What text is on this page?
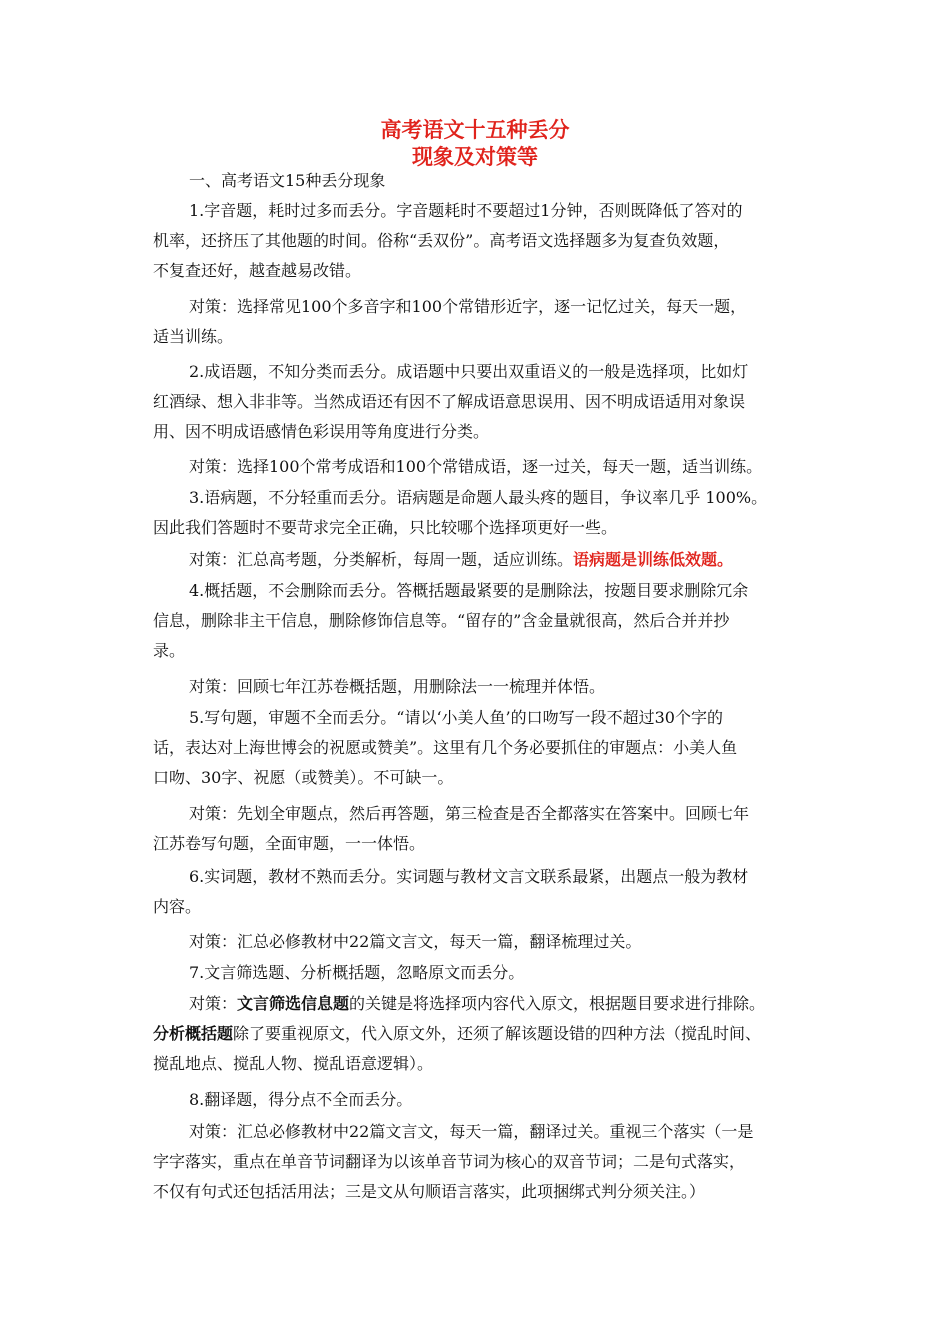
高考语文十五种丢分
现象及对策等
一、高考语文15种丢分现象
1.字音题，耗时过多而丢分。字音题耗时不要超过1分钟，否则既降低了答对的
机率，还挤压了其他题的时间。俗称“丢双份”。高考语文选择题多为复查负效题，
不复查还好，越查越易改错。
对策：选择常见100个多音字和100个常错形近字，逐一记忆过关，每天一题，
适当训练。
2.成语题，不知分类而丢分。成语题中只要出双重语义的一般是选择项，比如灯
红酒绿、想入非非等。当然成语还有因不了解成语意思误用、因不明成语适用对象误
用、因不明成语感情色彩误用等角度进行分类。
对策：选择100个常考成语和100个常错成语，逐一过关，每天一题，适当训练。
3.语病题，不分轻重而丢分。语病题是命题人最头疼的题目，争议率几乎 100%。
因此我们答题时不要苛求完全正确，只比较哪个选择项更好一些。
对策：汇总高考题，分类解析，每周一题，适应训练。语病题是训练低效题。
4.概括题，不会删除而丢分。答概括题最紧要的是删除法，按题目要求删除冗余
信息，删除非主干信息，删除修饰信息等。“留存的”含金量就很高，然后合并并抄
录。
对策：回顾七年江苏卷概括题，用删除法一一梳理并体悟。
5.写句题，审题不全而丢分。“请以‘小美人鱼’的口吻写一段不超过30个字的
话，表达对上海世博会的祝愿或赞美”。这里有几个务必要抓住的审题点：小美人鱼
口吻、30字、祝愿（或赞美）。不可缺一。
对策：先划全审题点，然后再答题，第三检查是否全都落实在答案中。回顾七年
江苏卷写句题，全面审题，一一体悟。
6.实词题，教材不熟而丢分。实词题与教材文言文联系最紧，出题点一般为教材
内容。
对策：汇总必修教材中22篇文言文，每天一篇，翻译梳理过关。
7.文言筛选题、分析概括题，忽略原文而丢分。
对策：文言筛选信息题的关键是将选择项内容代入原文，根据题目要求进行排除。
分析概括题除了要重视原文，代入原文外，还须了解该题设错的四种方法（搅乱时间、
搅乱地点、搅乱人物、搅乱语意逻辑）。
8.翻译题，得分点不全而丢分。
对策：汇总必修教材中22篇文言文，每天一篇，翻译过关。重视三个落实（一是
字字落实，重点在单音节词翻译为以该单音节词为核心的双音节词；二是句式落实，
不仅有句式还包括活用法；三是文从句顺语言落实，此项捆绑式判分须关注。）
